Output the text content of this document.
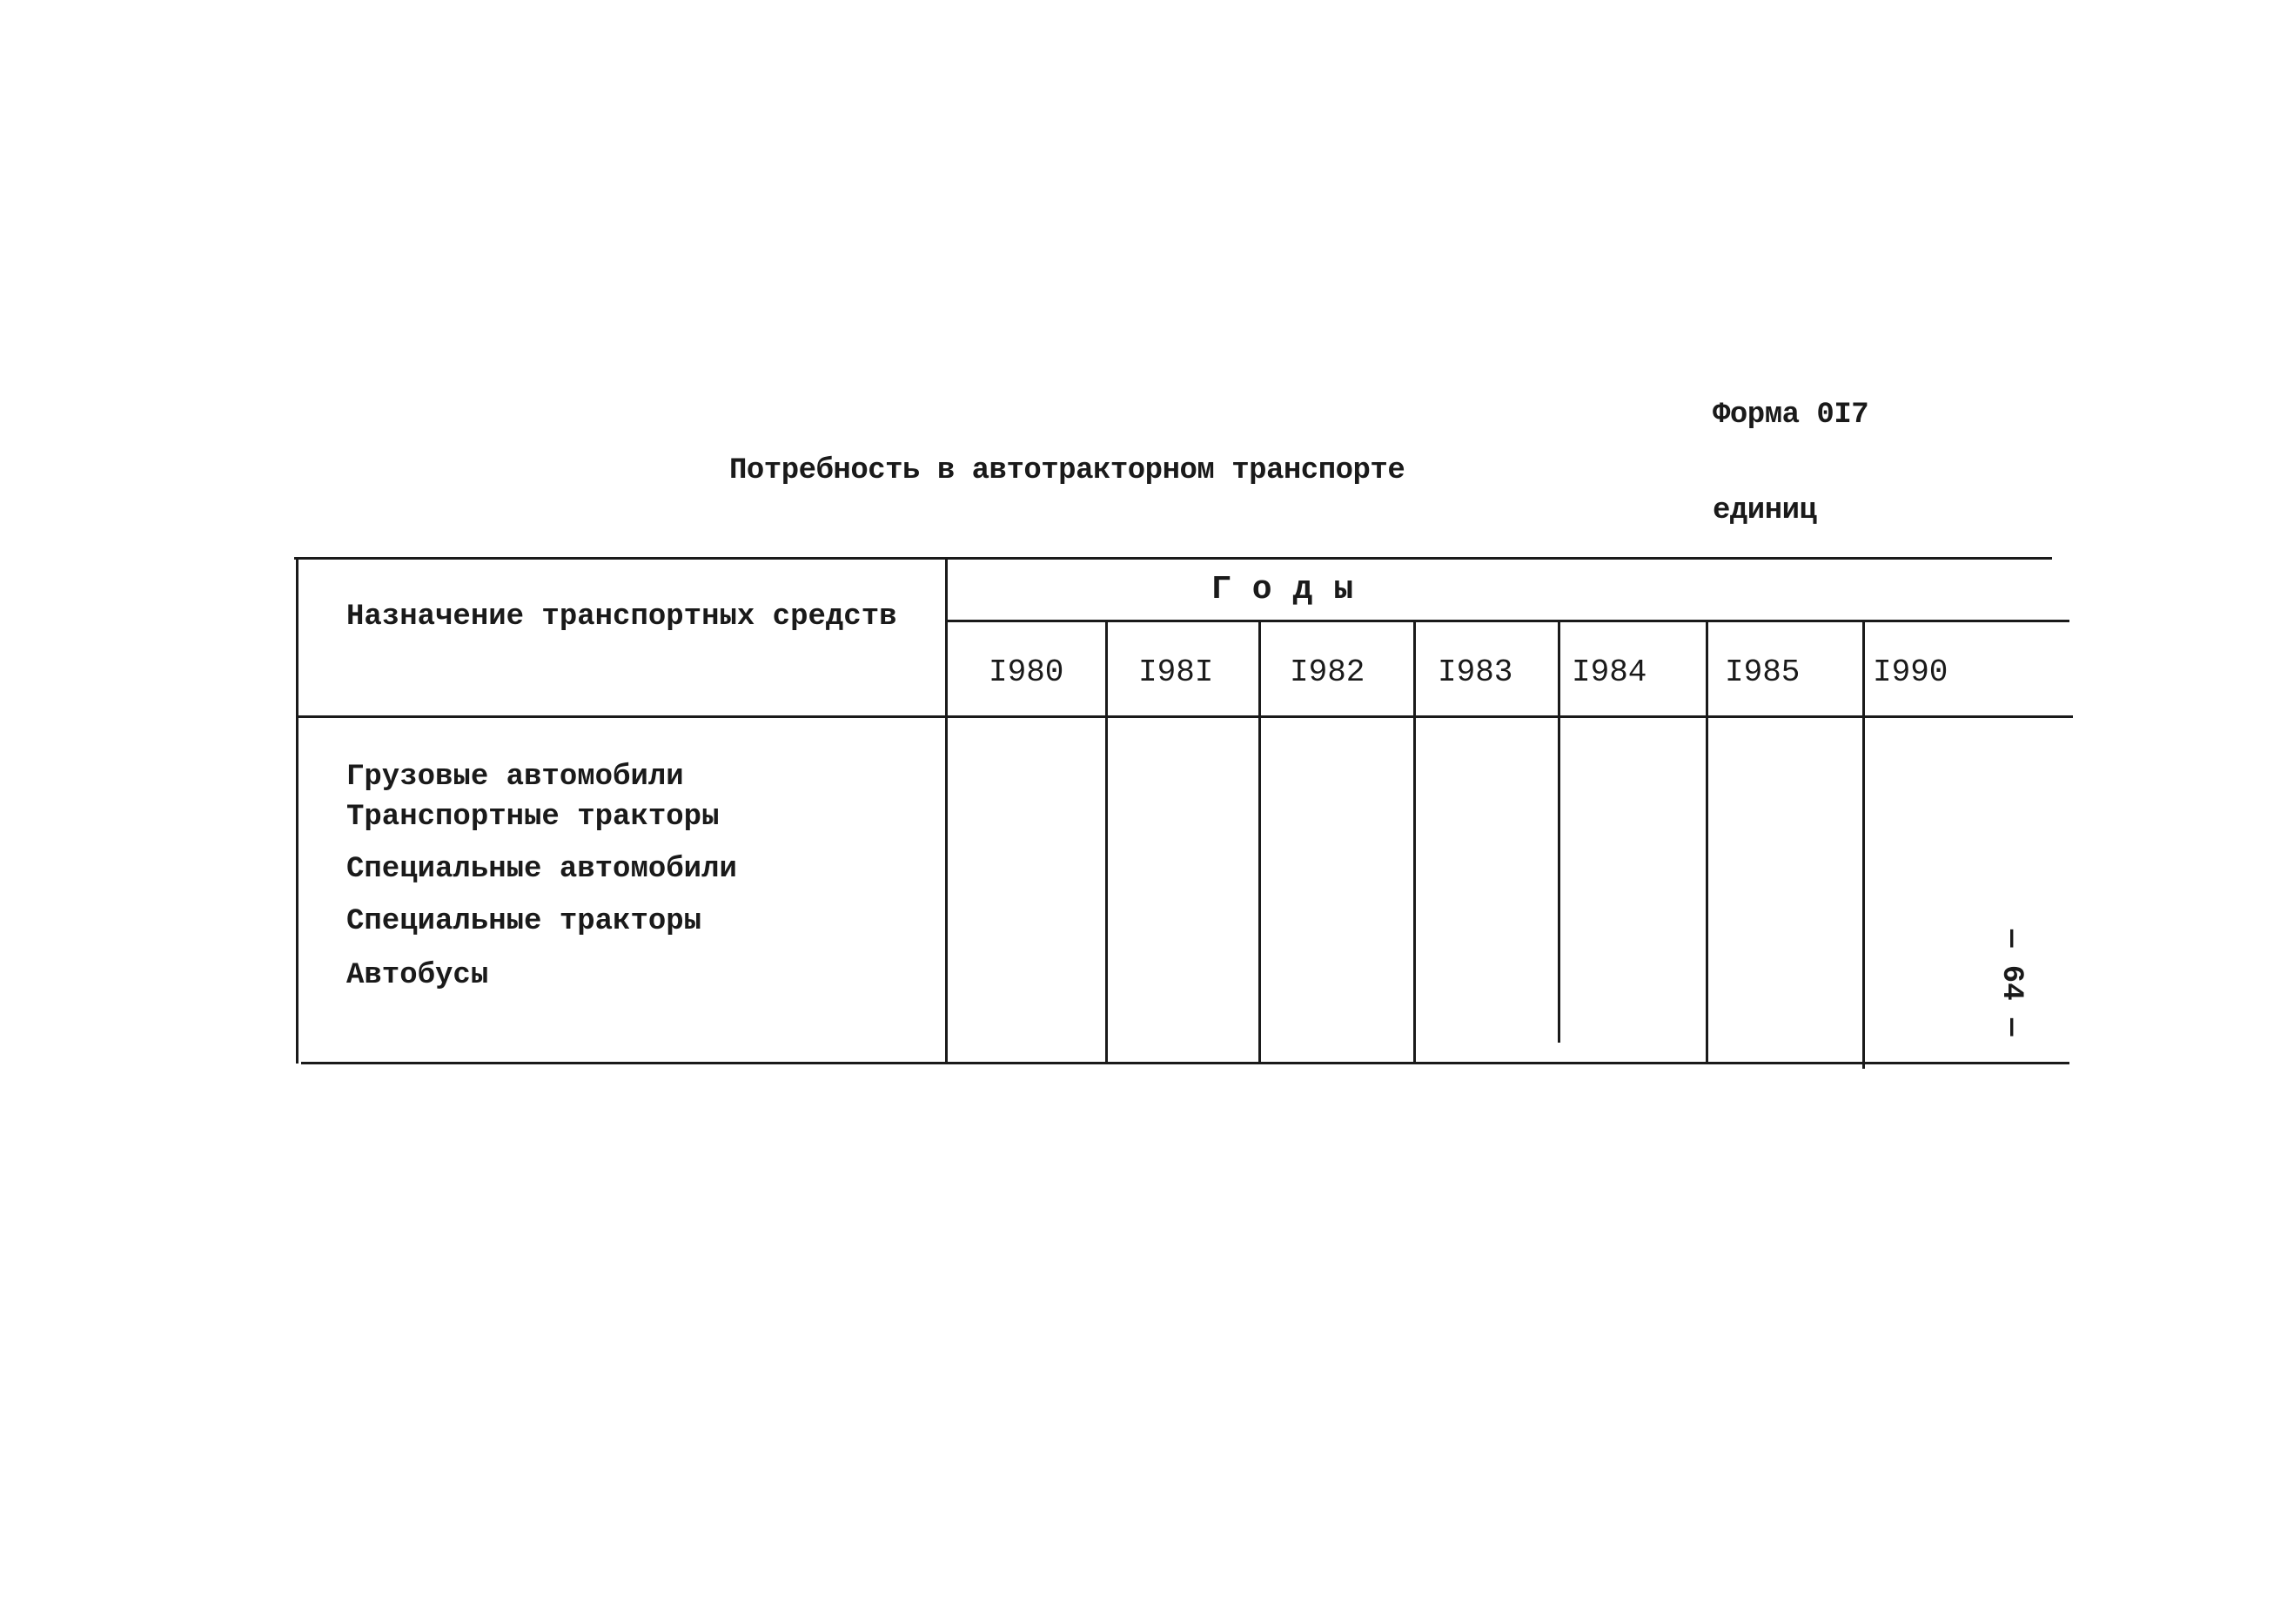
Форма 0I7
Потребность в автотракторном транспорте
единиц
Назначение транспортных средств
Годы
I980 I98I I982 I983 I984 I985 I990
Грузовые автомобили
Транспортные тракторы
Специальные автомобили
Специальные тракторы
Автобусы	— 64 —
